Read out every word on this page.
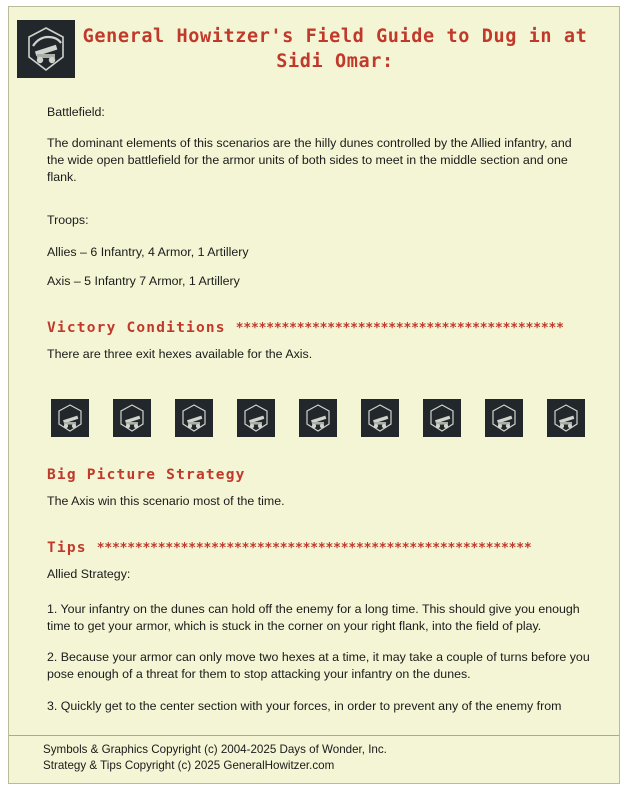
General Howitzer's Field Guide to Dug in at Sidi Omar:

Battlefield:

The dominant elements of this scenarios are the hilly dunes controlled by the Allied infantry, and the wide open battlefield for the armor units of both sides to meet in the middle section and one flank.

Troops:

Allies – 6 Infantry, 4 Armor, 1 Artillery

Axis – 5 Infantry 7 Armor, 1 Artillery

Victory Conditions *******************************************

There are three exit hexes available for the Axis.

Big Picture Strategy

The Axis win this scenario most of the time.

Tips *********************************************************

Allied Strategy:

1. Your infantry on the dunes can hold off the enemy for a long time. This should give you enough time to get your armor, which is stuck in the corner on your right flank, into the field of play.

2. Because your armor can only move two hexes at a time, it may take a couple of turns before you pose enough of a threat for them to stop attacking your infantry on the dunes.

3. Quickly get to the center section with your forces, in order to prevent any of the enemy from

Symbols & Graphics Copyright (c) 2004-2025 Days of Wonder, Inc.
Strategy & Tips Copyright (c) 2025 GeneralHowitzer.com
